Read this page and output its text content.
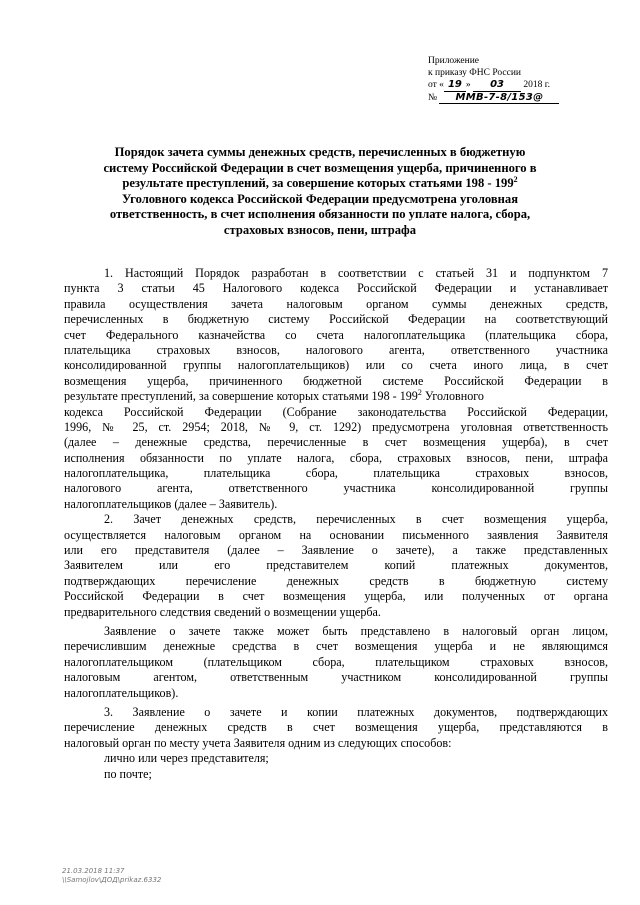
Приложение
к приказу ФНС России
от « 19 » 03 2018 г.
№ ММВ-7-8/153@
Порядок зачета суммы денежных средств, перечисленных в бюджетную
систему Российской Федерации в счет возмещения ущерба, причиненного в
результате преступлений, за совершение которых статьями $198 - 199^2$
Уголовного кодекса Российской Федерации предусмотрена уголовная
ответственность, в счет исполнения обязанности по уплате налога, сбора,
страховых взносов, пени, штрафа
1. Настоящий Порядок разработан в соответствии с статьей 31 и подпунктом 7
пункта 3 статьи 45 Налогового кодекса Российской Федерации и устанавливает
правила осуществления зачета налоговым органом суммы денежных средств,
перечисленных в бюджетную систему Российской Федерации на соответствующий
счет Федерального казначейства со счета налогоплательщика (плательщика сбора,
плательщика страховых взносов, налогового агента, ответственного участника
консолидированной группы налогоплательщиков) или со счета иного лица, в счет
возмещения ущерба, причиненного бюджетной системе Российской Федерации в
результате преступлений, за совершение которых статьями $198 - 199^2$ Уголовного
кодекса Российской Федерации (Собрание законодательства Российской Федерации,
1996, № 25, ст. 2954; 2018, № 9, ст. 1292) предусмотрена уголовная ответственность
(далее – денежные средства, перечисленные в счет возмещения ущерба), в счет
исполнения обязанности по уплате налога, сбора, страховых взносов, пени, штрафа
налогоплательщика, плательщика сбора, плательщика страховых взносов,
налогового агента, ответственного участника консолидированной группы
налогоплательщиков (далее – Заявитель).
2. Зачет денежных средств, перечисленных в счет возмещения ущерба,
осуществляется налоговым органом на основании письменного заявления Заявителя
или его представителя (далее – Заявление о зачете), а также представленных
Заявителем или его представителем копий платежных документов,
подтверждающих перечисление денежных средств в бюджетную систему
Российской Федерации в счет возмещения ущерба, или полученных от органа
предварительного следствия сведений о возмещении ущерба.
Заявление о зачете также может быть представлено в налоговый орган лицом,
перечислившим денежные средства в счет возмещения ущерба и не являющимся
налогоплательщиком (плательщиком сбора, плательщиком страховых взносов,
налоговым агентом, ответственным участником консолидированной группы
налогоплательщиков).
3. Заявление о зачете и копии платежных документов, подтверждающих
перечисление денежных средств в счет возмещения ущерба, представляются в
налоговый орган по месту учета Заявителя одним из следующих способов:
лично или через представителя;
по почте;
21.03.2018 11:37
\\Samojlov\ДОД\prikaz.6332
